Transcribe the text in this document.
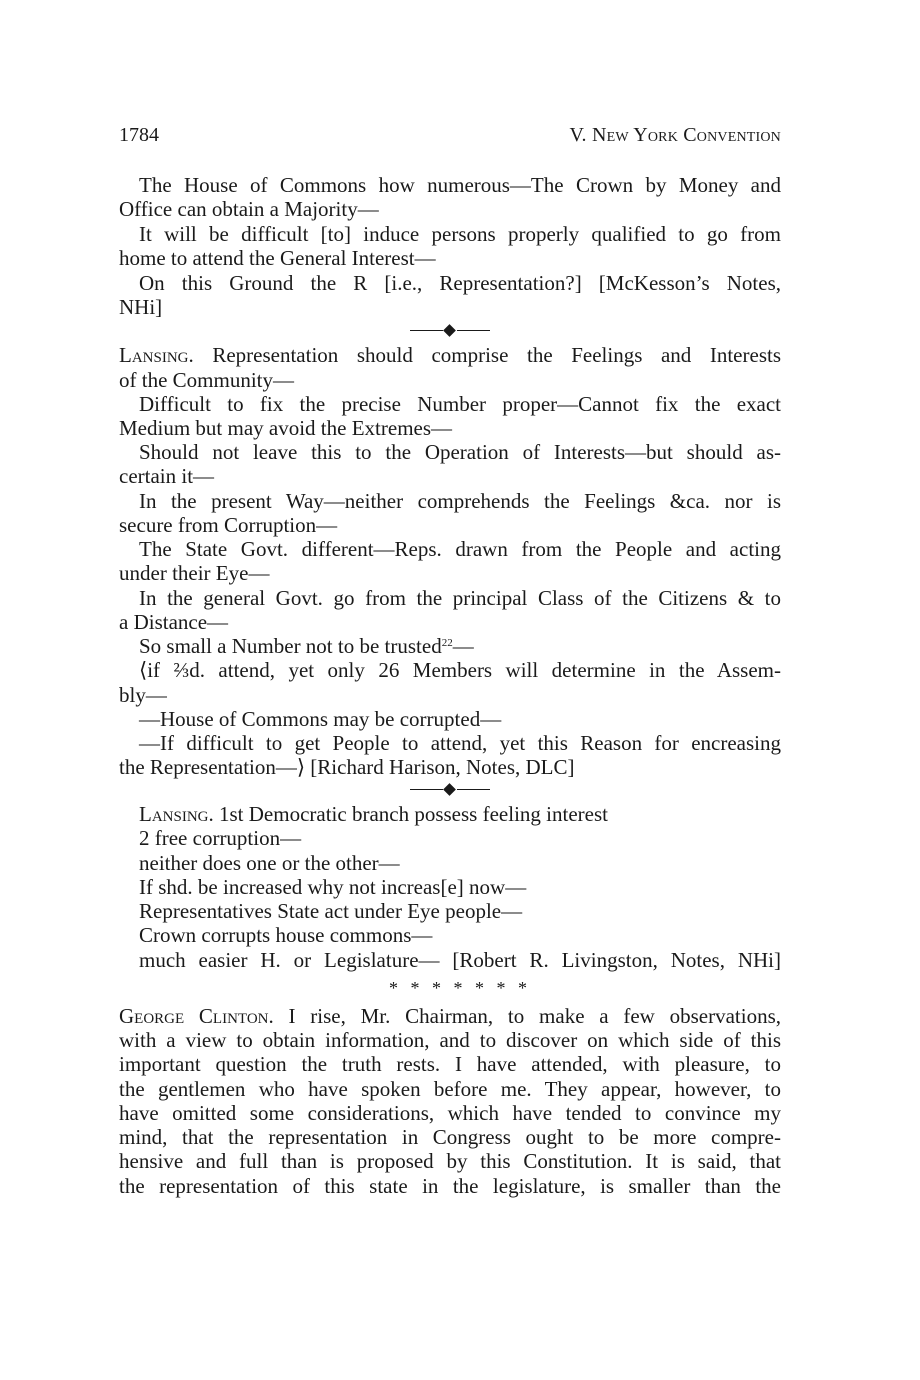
1784	V. New York Convention
The House of Commons how numerous—The Crown by Money and
Office can obtain a Majority—
It will be difficult [to] induce persons properly qualified to go from
home to attend the General Interest—
On this Ground the R [i.e., Representation?] [McKesson’s Notes,
NHi]
Lansing. Representation should comprise the Feelings and Interests
of the Community—
Difficult to fix the precise Number proper—Cannot fix the exact
Medium but may avoid the Extremes—
Should not leave this to the Operation of Interests—but should as-
certain it—
In the present Way—neither comprehends the Feelings &ca. nor is
secure from Corruption—
The State Govt. different—Reps. drawn from the People and acting
under their Eye—
In the general Govt. go from the principal Class of the Citizens & to
a Distance—
So small a Number not to be trusted$^{22}$—
⟨if ⅔d. attend, yet only 26 Members will determine in the Assem-
bly—
—House of Commons may be corrupted—
—If difficult to get People to attend, yet this Reason for encreasing
the Representation—⟩ [Richard Harison, Notes, DLC]
Lansing. 1st Democratic branch possess feeling interest
2 free corruption—
neither does one or the other—
If shd. be increased why not increas[e] now—
Representatives State act under Eye people—
Crown corrupts house commons—
much easier H. or Legislature— [Robert R. Livingston, Notes, NHi]
* * * * * * *
George Clinton. I rise, Mr. Chairman, to make a few observations,
with a view to obtain information, and to discover on which side of this
important question the truth rests. I have attended, with pleasure, to
the gentlemen who have spoken before me. They appear, however, to
have omitted some considerations, which have tended to convince my
mind, that the representation in Congress ought to be more compre-
hensive and full than is proposed by this Constitution. It is said, that
the representation of this state in the legislature, is smaller than the
